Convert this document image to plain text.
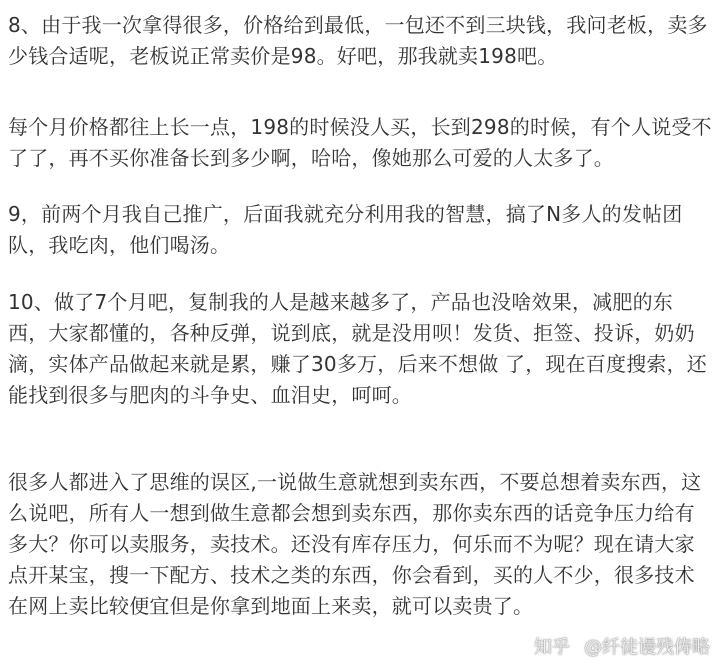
8、由于我一次拿得很多，价格给到最低，一包还不到三块钱，我问老板，卖多少钱合适呢，老板说正常卖价是98。好吧，那我就卖198吧。

每个月价格都往上长一点，198的时候没人买，长到298的时候，有个人说受不了了，再不买你准备长到多少啊，哈哈，像她那么可爱的人太多了。

9，前两个月我自己推广，后面我就充分利用我的智慧，搞了N多人的发帖团队，我吃肉，他们喝汤。

10、做了7个月吧，复制我的人是越来越多了，产品也没啥效果，减肥的东西，大家都懂的，各种反弹，说到底，就是没用呗！发货、拒签、投诉，奶奶滴，实体产品做起来就是累，赚了30多万，后来不想做 了，现在百度搜索，还能找到很多与肥肉的斗争史、血泪史，呵呵。

很多人都进入了思维的误区,一说做生意就想到卖东西，不要总想着卖东西，这么说吧，所有人一想到做生意都会想到卖东西，那你卖东西的话竞争压力给有多大？你可以卖服务，卖技术。还没有库存压力，何乐而不为呢？现在请大家点开某宝，搜一下配方、技术之类的东西，你会看到，买的人不少，很多技术在网上卖比较便宜但是你拿到地面上来卖，就可以卖贵了。

知乎 @纤徒谩残俦略
